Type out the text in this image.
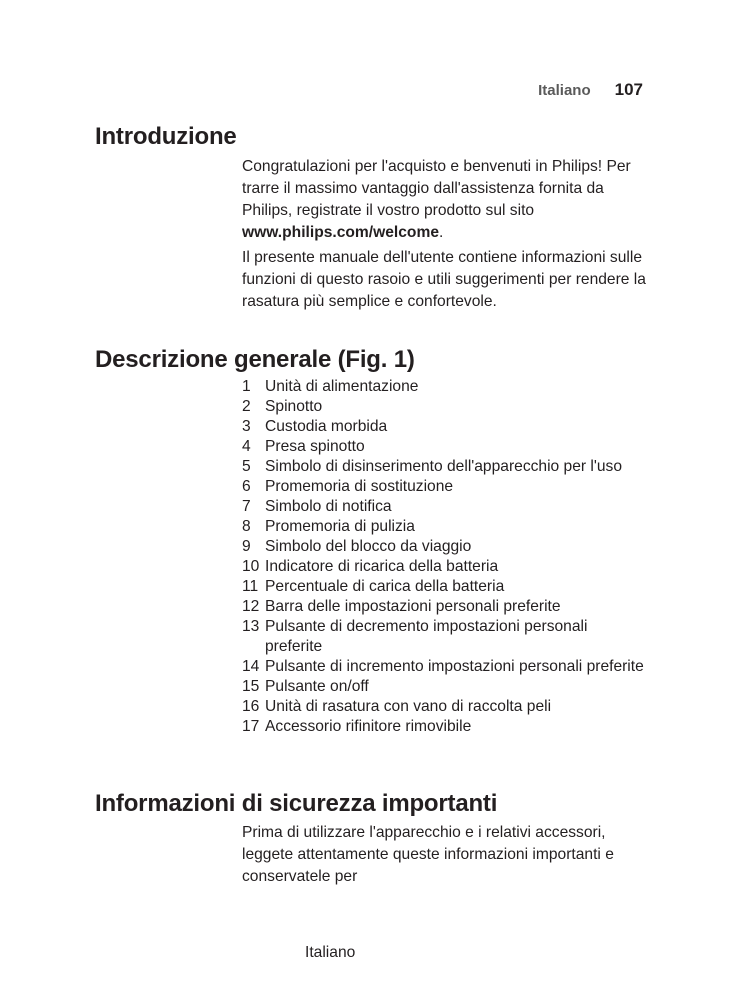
Italiano 107
Introduzione

Congratulazioni per l'acquisto e benvenuti in Philips! Per trarre il massimo vantaggio dall'assistenza fornita da Philips, registrate il vostro prodotto sul sito www.philips.com/welcome.

Il presente manuale dell'utente contiene informazioni sulle funzioni di questo rasoio e utili suggerimenti per rendere la rasatura più semplice e confortevole.

Descrizione generale (Fig. 1)
1 Unità di alimentazione
2 Spinotto
3 Custodia morbida
4 Presa spinotto
5 Simbolo di disinserimento dell'apparecchio per l'uso
6 Promemoria di sostituzione
7 Simbolo di notifica
8 Promemoria di pulizia
9 Simbolo del blocco da viaggio
10 Indicatore di ricarica della batteria
11 Percentuale di carica della batteria
12 Barra delle impostazioni personali preferite
13 Pulsante di decremento impostazioni personali preferite
14 Pulsante di incremento impostazioni personali preferite
15 Pulsante on/off
16 Unità di rasatura con vano di raccolta peli
17 Accessorio rifinitore rimovibile
Informazioni di sicurezza importanti

Prima di utilizzare l'apparecchio e i relativi accessori, leggete attentamente queste informazioni importanti e conservatele per

Italiano
